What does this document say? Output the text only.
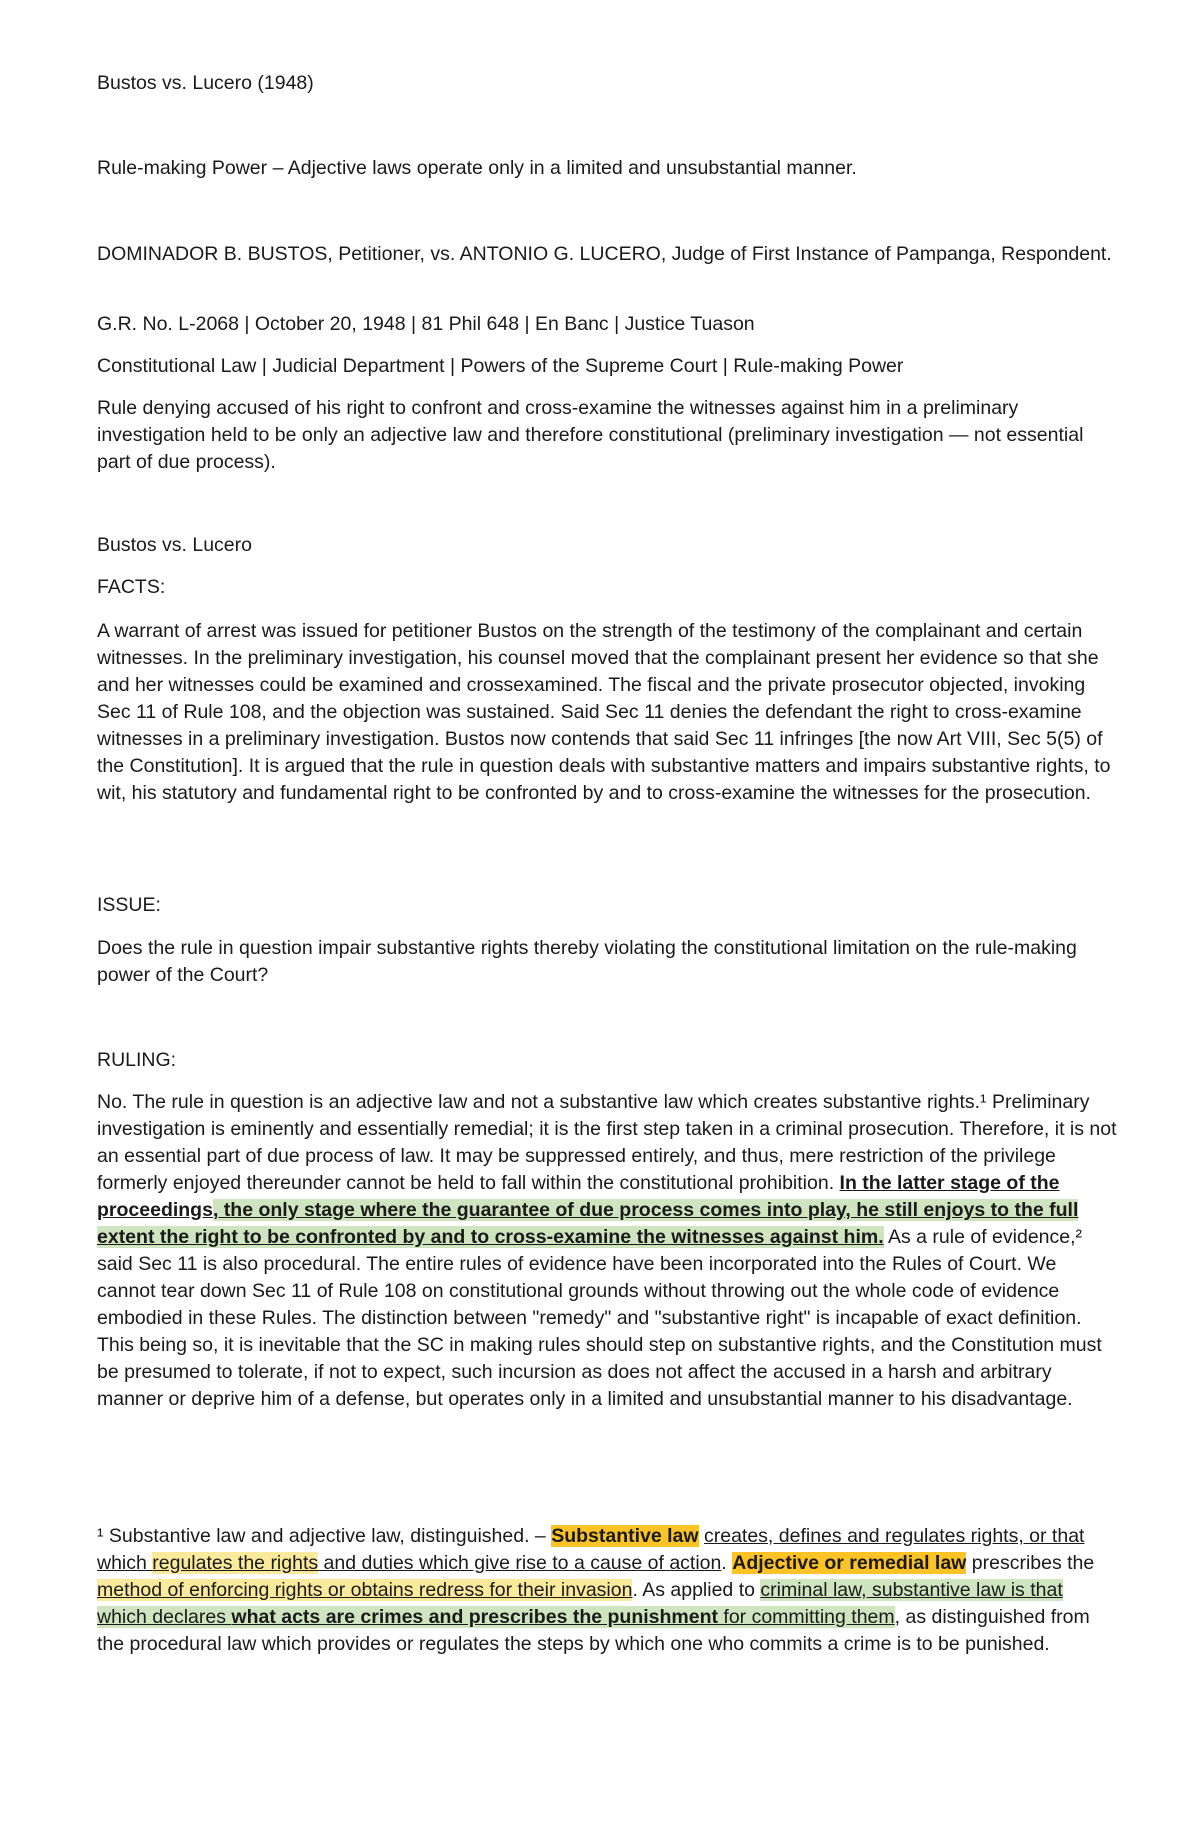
Bustos vs. Lucero (1948)

Rule-making Power – Adjective laws operate only in a limited and unsubstantial manner.

DOMINADOR B. BUSTOS, Petitioner, vs. ANTONIO G. LUCERO, Judge of First Instance of Pampanga, Respondent.

G.R. No. L-2068 | October 20, 1948 | 81 Phil 648 | En Banc | Justice Tuason

Constitutional Law | Judicial Department | Powers of the Supreme Court | Rule-making Power

Rule denying accused of his right to confront and cross-examine the witnesses against him in a preliminary investigation held to be only an adjective law and therefore constitutional (preliminary investigation — not essential part of due process).

Bustos vs. Lucero

FACTS:

A warrant of arrest was issued for petitioner Bustos on the strength of the testimony of the complainant and certain witnesses. In the preliminary investigation, his counsel moved that the complainant present her evidence so that she and her witnesses could be examined and crossexamined. The fiscal and the private prosecutor objected, invoking Sec 11 of Rule 108, and the objection was sustained. Said Sec 11 denies the defendant the right to cross-examine witnesses in a preliminary investigation. Bustos now contends that said Sec 11 infringes [the now Art VIII, Sec 5(5) of the Constitution]. It is argued that the rule in question deals with substantive matters and impairs substantive rights, to wit, his statutory and fundamental right to be confronted by and to cross-examine the witnesses for the prosecution.

ISSUE:

Does the rule in question impair substantive rights thereby violating the constitutional limitation on the rule-making power of the Court?

RULING:

No. The rule in question is an adjective law and not a substantive law which creates substantive rights.¹ Preliminary investigation is eminently and essentially remedial; it is the first step taken in a criminal prosecution. Therefore, it is not an essential part of due process of law. It may be suppressed entirely, and thus, mere restriction of the privilege formerly enjoyed thereunder cannot be held to fall within the constitutional prohibition. In the latter stage of the proceedings, the only stage where the guarantee of due process comes into play, he still enjoys to the full extent the right to be confronted by and to cross-examine the witnesses against him. As a rule of evidence,² said Sec 11 is also procedural. The entire rules of evidence have been incorporated into the Rules of Court. We cannot tear down Sec 11 of Rule 108 on constitutional grounds without throwing out the whole code of evidence embodied in these Rules. The distinction between "remedy" and "substantive right" is incapable of exact definition. This being so, it is inevitable that the SC in making rules should step on substantive rights, and the Constitution must be presumed to tolerate, if not to expect, such incursion as does not affect the accused in a harsh and arbitrary manner or deprive him of a defense, but operates only in a limited and unsubstantial manner to his disadvantage.

¹ Substantive law and adjective law, distinguished. – Substantive law creates, defines and regulates rights, or that which regulates the rights and duties which give rise to a cause of action. Adjective or remedial law prescribes the method of enforcing rights or obtains redress for their invasion. As applied to criminal law, substantive law is that which declares what acts are crimes and prescribes the punishment for committing them, as distinguished from the procedural law which provides or regulates the steps by which one who commits a crime is to be punished.
